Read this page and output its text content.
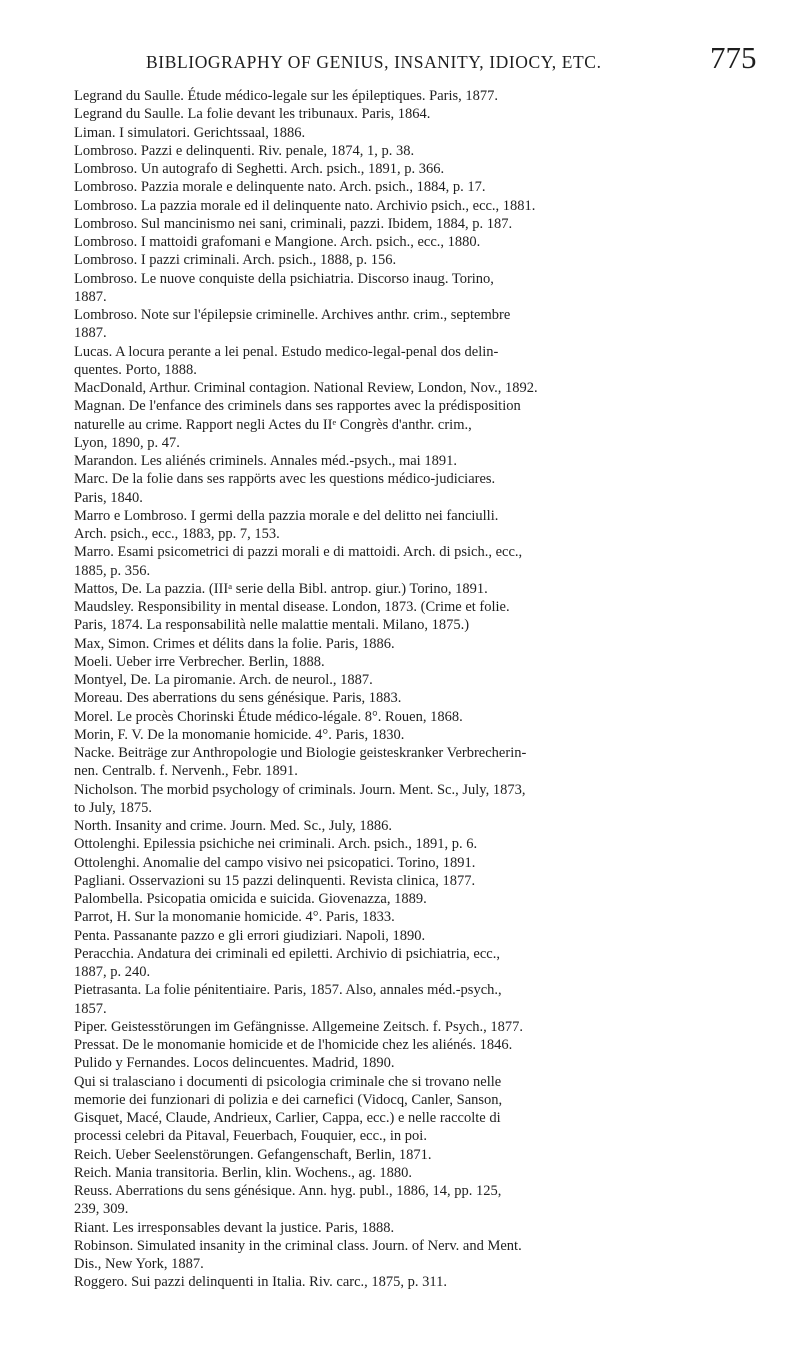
BIBLIOGRAPHY OF GENIUS, INSANITY, IDIOCY, ETC.	775
Legrand du Saulle. Étude médico-legale sur les épileptiques. Paris, 1877.
Legrand du Saulle. La folie devant les tribunaux. Paris, 1864.
Liman. I simulatori. Gerichtssaal, 1886.
Lombroso. Pazzi e delinquenti. Riv. penale, 1874, 1, p. 38.
Lombroso. Un autografo di Seghetti. Arch. psich., 1891, p. 366.
Lombroso. Pazzia morale e delinquente nato. Arch. psich., 1884, p. 17.
Lombroso. La pazzia morale ed il delinquente nato. Archivio psich., ecc., 1881.
Lombroso. Sul mancinismo nei sani, criminali, pazzi. Ibidem, 1884, p. 187.
Lombroso. I mattoidi grafomani e Mangione. Arch. psich., ecc., 1880.
Lombroso. I pazzi criminali. Arch. psich., 1888, p. 156.
Lombroso. Le nuove conquiste della psichiatria. Discorso inaug. Torino,
1887.
Lombroso. Note sur l'épilepsie criminelle. Archives anthr. crim., septembre
1887.
Lucas. A locura perante a lei penal. Estudo medico-legal-penal dos delin-
quentes. Porto, 1888.
MacDonald, Arthur. Criminal contagion. National Review, London, Nov., 1892.
Magnan. De l'enfance des criminels dans ses rapportes avec la prédisposition
naturelle au crime. Rapport negli Actes du IIᵉ Congrès d'anthr. crim.,
Lyon, 1890, p. 47.
Marandon. Les aliénés criminels. Annales méd.-psych., mai 1891.
Marc. De la folie dans ses rappörts avec les questions médico-judiciares.
Paris, 1840.
Marro e Lombroso. I germi della pazzia morale e del delitto nei fanciulli.
Arch. psich., ecc., 1883, pp. 7, 153.
Marro. Esami psicometrici di pazzi morali e di mattoidi. Arch. di psich., ecc.,
1885, p. 356.
Mattos, De. La pazzia. (IIIᵃ serie della Bibl. antrop. giur.) Torino, 1891.
Maudsley. Responsibility in mental disease. London, 1873. (Crime et folie.
Paris, 1874. La responsabilità nelle malattie mentali. Milano, 1875.)
Max, Simon. Crimes et délits dans la folie. Paris, 1886.
Moeli. Ueber irre Verbrecher. Berlin, 1888.
Montyel, De. La piromanie. Arch. de neurol., 1887.
Moreau. Des aberrations du sens génésique. Paris, 1883.
Morel. Le procès Chorinski Étude médico-légale. 8°. Rouen, 1868.
Morin, F. V. De la monomanie homicide. 4°. Paris, 1830.
Nacke. Beiträge zur Anthropologie und Biologie geisteskranker Verbrecherin-
nen. Centralb. f. Nervenh., Febr. 1891.
Nicholson. The morbid psychology of criminals. Journ. Ment. Sc., July, 1873,
to July, 1875.
North. Insanity and crime. Journ. Med. Sc., July, 1886.
Ottolenghi. Epilessia psichiche nei criminali. Arch. psich., 1891, p. 6.
Ottolenghi. Anomalie del campo visivo nei psicopatici. Torino, 1891.
Pagliani. Osservazioni su 15 pazzi delinquenti. Revista clinica, 1877.
Palombella. Psicopatia omicida e suicida. Giovenazza, 1889.
Parrot, H. Sur la monomanie homicide. 4°. Paris, 1833.
Penta. Passanante pazzo e gli errori giudiziari. Napoli, 1890.
Peracchia. Andatura dei criminali ed epiletti. Archivio di psichiatria, ecc.,
1887, p. 240.
Pietrasanta. La folie pénitentiaire. Paris, 1857. Also, annales méd.-psych.,
1857.
Piper. Geistesstörungen im Gefängnisse. Allgemeine Zeitsch. f. Psych., 1877.
Pressat. De le monomanie homicide et de l'homicide chez les aliénés. 1846.
Pulido y Fernandes. Locos delincuentes. Madrid, 1890.
Qui si tralasciano i documenti di psicologia criminale che si trovano nelle
memorie dei funzionari di polizia e dei carnefici (Vidocq, Canler, Sanson,
Gisquet, Macé, Claude, Andrieux, Carlier, Cappa, ecc.) e nelle raccolte di
processi celebri da Pitaval, Feuerbach, Fouquier, ecc., in poi.
Reich. Ueber Seelenstörungen. Gefangenschaft, Berlin, 1871.
Reich. Mania transitoria. Berlin, klin. Wochens., ag. 1880.
Reuss. Aberrations du sens génésique. Ann. hyg. publ., 1886, 14, pp. 125,
239, 309.
Riant. Les irresponsables devant la justice. Paris, 1888.
Robinson. Simulated insanity in the criminal class. Journ. of Nerv. and Ment.
Dis., New York, 1887.
Roggero. Sui pazzi delinquenti in Italia. Riv. carc., 1875, p. 311.
